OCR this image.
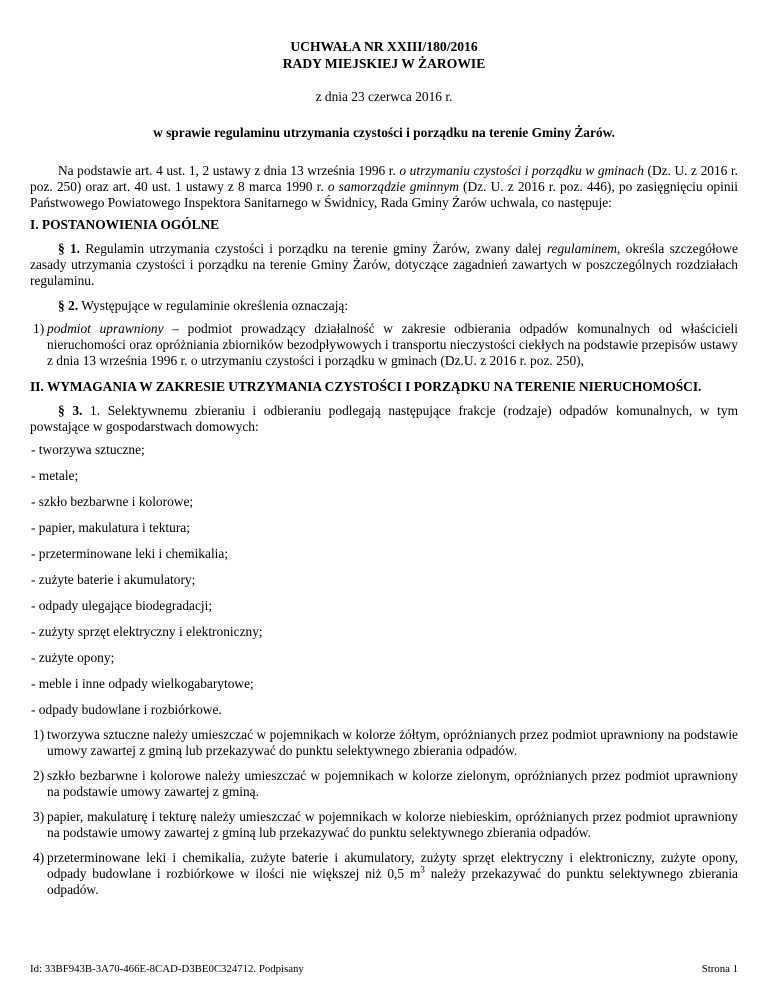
UCHWAŁA NR XXIII/180/2016
RADY MIEJSKIEJ W ŻAROWIE
z dnia 23 czerwca 2016 r.
w sprawie regulaminu utrzymania czystości i porządku na terenie Gminy Żarów.
Na podstawie art. 4 ust. 1, 2 ustawy z dnia 13 września 1996 r. o utrzymaniu czystości i porządku w gminach (Dz. U. z 2016 r. poz. 250) oraz art. 40 ust. 1 ustawy z 8 marca 1990 r. o samorządzie gminnym (Dz. U. z 2016 r. poz. 446), po zasięgnięciu opinii Państwowego Powiatowego Inspektora Sanitarnego w Świdnicy, Rada Gminy Żarów uchwala, co następuje:
I. POSTANOWIENIA OGÓLNE
§ 1. Regulamin utrzymania czystości i porządku na terenie gminy Żarów, zwany dalej regulaminem, określa szczegółowe zasady utrzymania czystości i porządku na terenie Gminy Żarów, dotyczące zagadnień zawartych w poszczególnych rozdziałach regulaminu.
§ 2. Występujące w regulaminie określenia oznaczają:
1) podmiot uprawniony – podmiot prowadzący działalność w zakresie odbierania odpadów komunalnych od właścicieli nieruchomości oraz opróżniania zbiorników bezodpływowych i transportu nieczystości ciekłych na podstawie przepisów ustawy z dnia 13 września 1996 r. o utrzymaniu czystości i porządku w gminach (Dz.U. z 2016 r. poz. 250),
II. WYMAGANIA W ZAKRESIE UTRZYMANIA CZYSTOŚCI I PORZĄDKU NA TERENIE NIERUCHOMOŚCI.
§ 3. 1. Selektywnemu zbieraniu i odbieraniu podlegają następujące frakcje (rodzaje) odpadów komunalnych, w tym powstające w gospodarstwach domowych:
- tworzywa sztuczne;
- metale;
- szkło bezbarwne i kolorowe;
- papier, makulatura i tektura;
- przeterminowane leki i chemikalia;
- zużyte baterie i akumulatory;
- odpady ulegające biodegradacji;
- zużyty sprzęt elektryczny i elektroniczny;
- zużyte opony;
- meble i inne odpady wielkogabarytowe;
- odpady budowlane i rozbiórkowe.
1) tworzywa sztuczne należy umieszczać w pojemnikach w kolorze żółtym, opróżnianych przez podmiot uprawniony na podstawie umowy zawartej z gminą lub przekazywać do punktu selektywnego zbierania odpadów.
2) szkło bezbarwne i kolorowe należy umieszczać w pojemnikach w kolorze zielonym, opróżnianych przez podmiot uprawniony na podstawie umowy zawartej z gminą.
3) papier, makulaturę i tekturę należy umieszczać w pojemnikach w kolorze niebieskim, opróżnianych przez podmiot uprawniony na podstawie umowy zawartej z gminą lub przekazywać do punktu selektywnego zbierania odpadów.
4) przeterminowane leki i chemikalia, zużyte baterie i akumulatory, zużyty sprzęt elektryczny i elektroniczny, zużyte opony, odpady budowlane i rozbiórkowe w ilości nie większej niż 0,5 $m^3$ należy przekazywać do punktu selektywnego zbierania odpadów.
Id: 33BF943B-3A70-466E-8CAD-D3BE0C324712. Podpisany	Strona 1
